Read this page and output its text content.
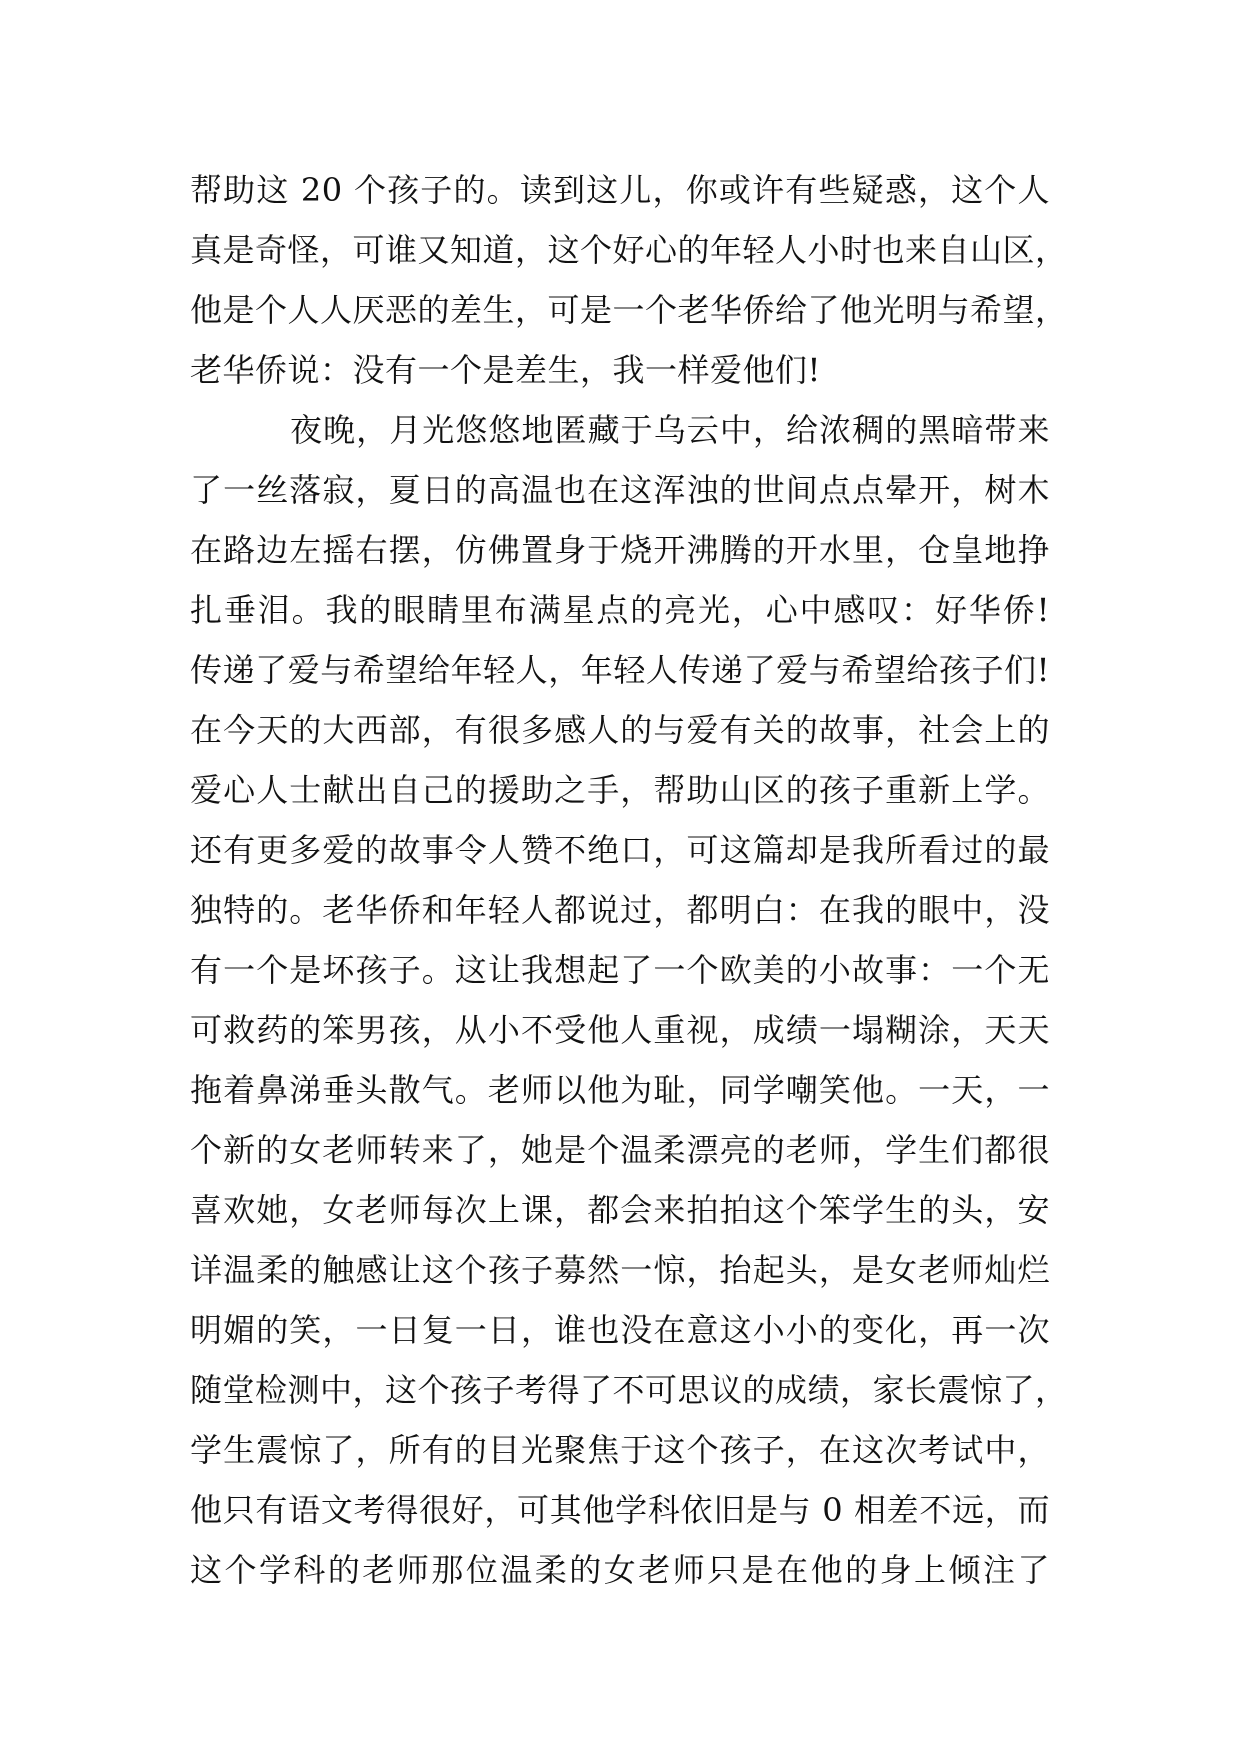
帮助这 20 个孩子的。读到这儿，你或许有些疑惑，这个人
真是奇怪，可谁又知道，这个好心的年轻人小时也来自山区，
他是个人人厌恶的差生，可是一个老华侨给了他光明与希望，
老华侨说：没有一个是差生，我一样爱他们!
夜晚，月光悠悠地匿藏于乌云中，给浓稠的黑暗带来
了一丝落寂，夏日的高温也在这浑浊的世间点点晕开，树木
在路边左摇右摆，仿佛置身于烧开沸腾的开水里，仓皇地挣
扎垂泪。我的眼睛里布满星点的亮光，心中感叹：好华侨!
传递了爱与希望给年轻人，年轻人传递了爱与希望给孩子们!
在今天的大西部，有很多感人的与爱有关的故事，社会上的
爱心人士献出自己的援助之手，帮助山区的孩子重新上学。
还有更多爱的故事令人赞不绝口，可这篇却是我所看过的最
独特的。老华侨和年轻人都说过，都明白：在我的眼中，没
有一个是坏孩子。这让我想起了一个欧美的小故事：一个无
可救药的笨男孩，从小不受他人重视，成绩一塌糊涂，天天
拖着鼻涕垂头散气。老师以他为耻，同学嘲笑他。一天，一
个新的女老师转来了，她是个温柔漂亮的老师，学生们都很
喜欢她，女老师每次上课，都会来拍拍这个笨学生的头，安
详温柔的触感让这个孩子募然一惊，抬起头，是女老师灿烂
明媚的笑，一日复一日，谁也没在意这小小的变化，再一次
随堂检测中，这个孩子考得了不可思议的成绩，家长震惊了，
学生震惊了，所有的目光聚焦于这个孩子，在这次考试中，
他只有语文考得很好，可其他学科依旧是与 0 相差不远，而
这个学科的老师那位温柔的女老师只是在他的身上倾注了
